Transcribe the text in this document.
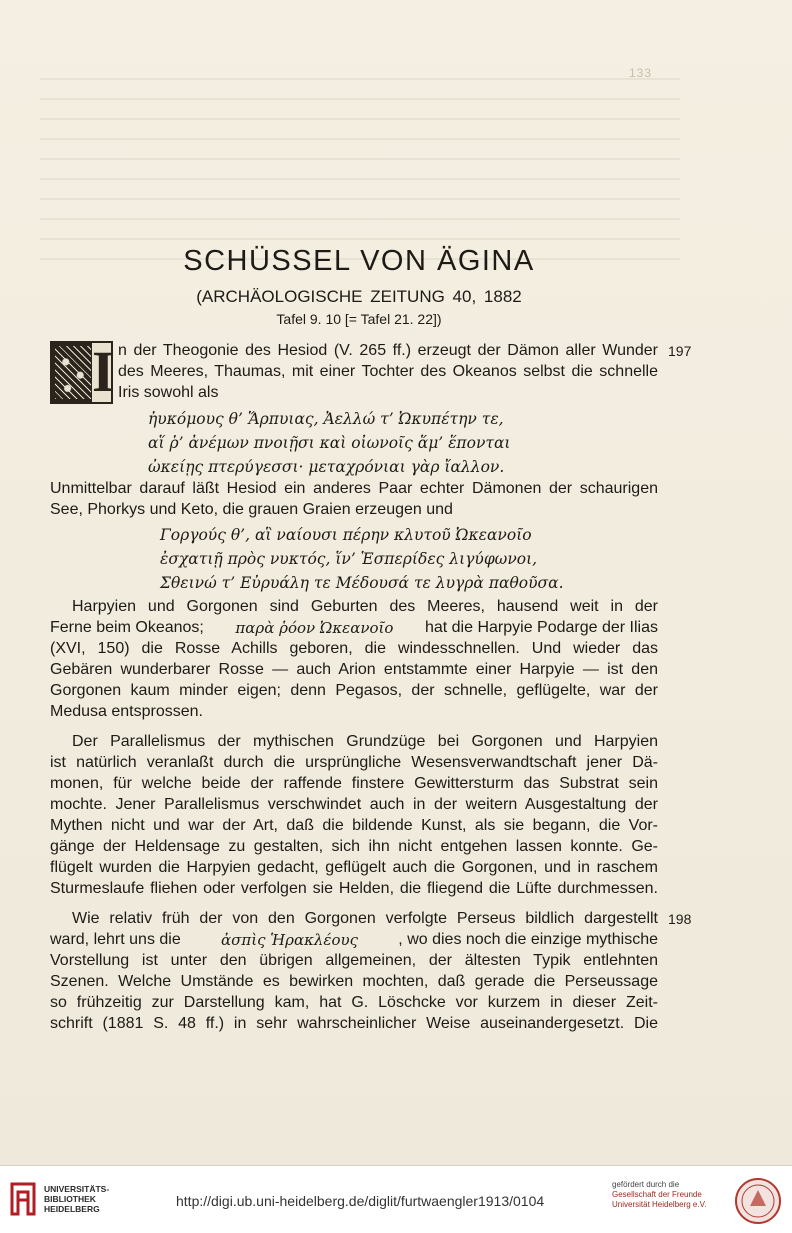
133
SCHÜSSEL VON ÄGINA
(ARCHÄOLOGISCHE ZEITUNG 40, 1882
Tafel 9. 10 [= Tafel 21. 22])
I n der Theogonie des Hesiod (V. 265 ff.) erzeugt der Dämon aller Wunder 197
des Meeres, Thaumas, mit einer Tochter des Okeanos selbst die schnelle
Iris sowohl als
ἠυκόμους θ’ Ἅρπυιας, Ἀελλώ τ’ Ὠκυπέτην τε,
αἵ ῥ’ ἀνέμων πνοιῇσι καὶ οἰωνοῖς ἅμ’ ἕπονται
ὠκείῃς πτερύγεσσι· μεταχρόνιαι γὰρ ἴαλλον.
Unmittelbar darauf läßt Hesiod ein anderes Paar echter Dämonen der schaurigen
See, Phorkys und Keto, die grauen Graien erzeugen und
Γοργούς θ’, αἳ ναίουσι πέρην κλυτοῦ Ὠκεανοῖο
ἐσχατιῇ πρὸς νυκτός, ἵν’ Ἑσπερίδες λιγύφωνοι,
Σθεινώ τ’ Εὐρυάλη τε Μέδουσά τε λυγρὰ παθοῦσα.
Harpyien und Gorgonen sind Geburten des Meeres, hausend weit in der
Ferne beim Okeanos; παρὰ ῥόον Ὠκεανοῖο hat die Harpyie Podarge der Ilias
(XVI, 150) die Rosse Achills geboren, die windesschnellen. Und wieder das
Gebären wunderbarer Rosse — auch Arion entstammte einer Harpyie — ist den
Gorgonen kaum minder eigen; denn Pegasos, der schnelle, geflügelte, war der
Medusa entsprossen.
Der Parallelismus der mythischen Grundzüge bei Gorgonen und Harpyien
ist natürlich veranlaßt durch die ursprüngliche Wesensverwandtschaft jener Dä-
monen, für welche beide der raffende finstere Gewittersturm das Substrat sein
mochte. Jener Parallelismus verschwindet auch in der weitern Ausgestaltung der
Mythen nicht und war der Art, daß die bildende Kunst, als sie begann, die Vor-
gänge der Heldensage zu gestalten, sich ihn nicht entgehen lassen konnte. Ge-
flügelt wurden die Harpyien gedacht, geflügelt auch die Gorgonen, und in raschem
Sturmeslaufe fliehen oder verfolgen sie Helden, die fliegend die Lüfte durchmessen.
Wie relativ früh der von den Gorgonen verfolgte Perseus bildlich dargestellt 198
ward, lehrt uns die	ἀσπὶς Ἡρακλέους	, wo dies noch die einzige mythische
Vorstellung ist unter den übrigen allgemeinen, der ältesten Typik entlehnten
Szenen. Welche Umstände es bewirken mochten, daß gerade die Perseussage
so frühzeitig zur Darstellung kam, hat G. Löschcke vor kurzem in dieser Zeit-
schrift (1881 S. 48 ff.) in sehr wahrscheinlicher Weise auseinandergesetzt. Die
UNIVERSITÄTS-
BIBLIOTHEK
HEIDELBERG	http://digi.ub.uni-heidelberg.de/diglit/furtwaengler1913/0104
gefördert durch die
Gesellschaft der Freunde
Universität Heidelberg e.V.
